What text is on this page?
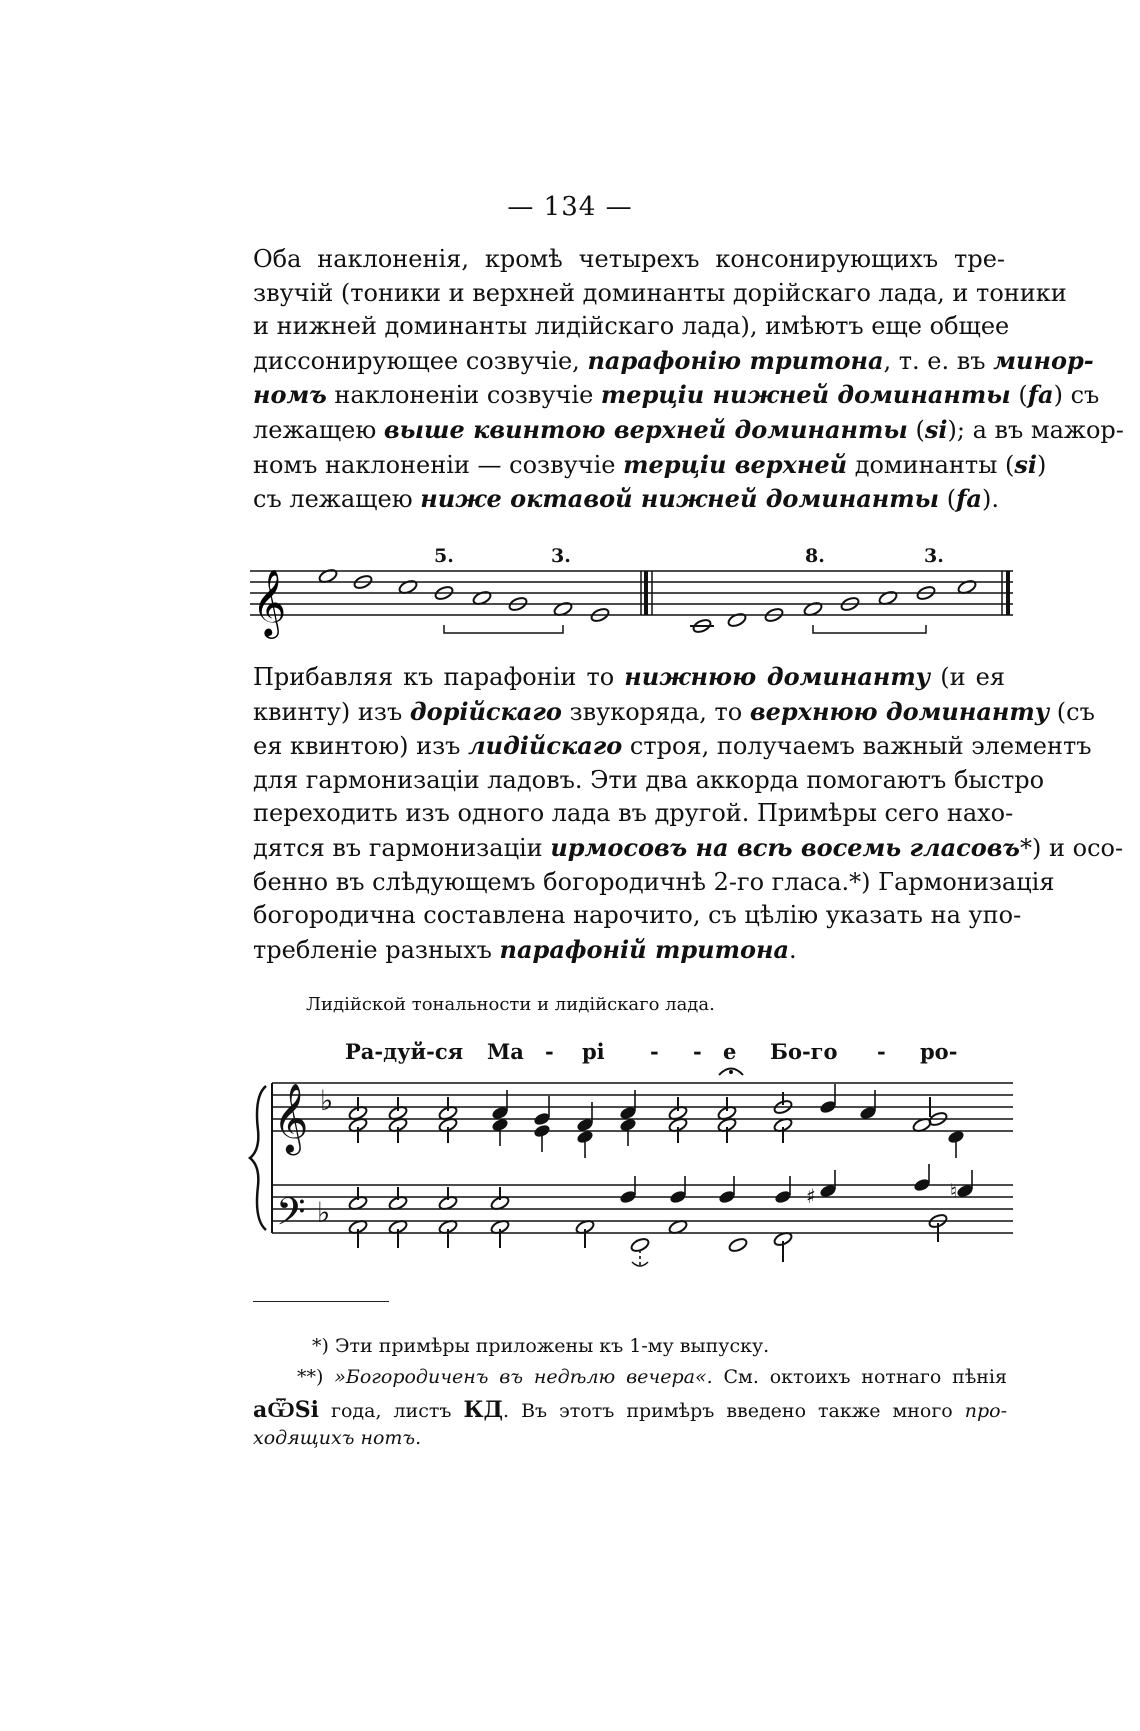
— 134 —
Оба наклоненія, кромѣ четырехъ консонирующихъ тре-
звучій (тоники и верхней доминанты дорійскаго лада, и тоники
и нижней доминанты лидійскаго лада), имѣютъ еще общее
диссонирующее созвучіе, парафонію тритона, т. е. въ минор-
номъ наклоненіи созвучіе терціи нижней доминанты (fa) съ
лежащею выше квинтою верхней доминанты (si); а въ мажор-
номъ наклоненіи — созвучіе терціи верхней доминанты (si)
съ лежащею ниже октавой нижней доминанты (fa).
𝄞
5.	3.	8.	3.
Прибавляя къ парафоніи то нижнюю доминанту (и ея
квинту) изъ дорійскаго звукоряда, то верхнюю доминанту (съ
ея квинтою) изъ лидійскаго строя, получаемъ важный элементъ
для гармонизаціи ладовъ. Эти два аккорда помогаютъ быстро
переходить изъ одного лада въ другой. Примѣры сего нахо-
дятся въ гармонизаціи ирмосовъ на всѣ восемь гласовъ*) и осо-
бенно въ слѣдующемъ богородичнѣ 2-го гласа.*) Гармонизація
богородична составлена нарочито, съ цѣлію указать на упо-
требленіе разныхъ парафоній тритона.
Лидійской тональности и лидійскаго лада.
Ра-дуй-ся Ма - рі - - е Бо-го - ро-
𝄞
𝄢
♭
♭	♯	♮
*) Эти примѣры приложены къ 1-му выпуску.
**) »Богородиченъ въ недѣлю вечера«. См. октоихъ нотнаго пѣнія
аѾЅі года, листъ КД. Въ этотъ примѣръ введено также много про-
ходящихъ нотъ.
